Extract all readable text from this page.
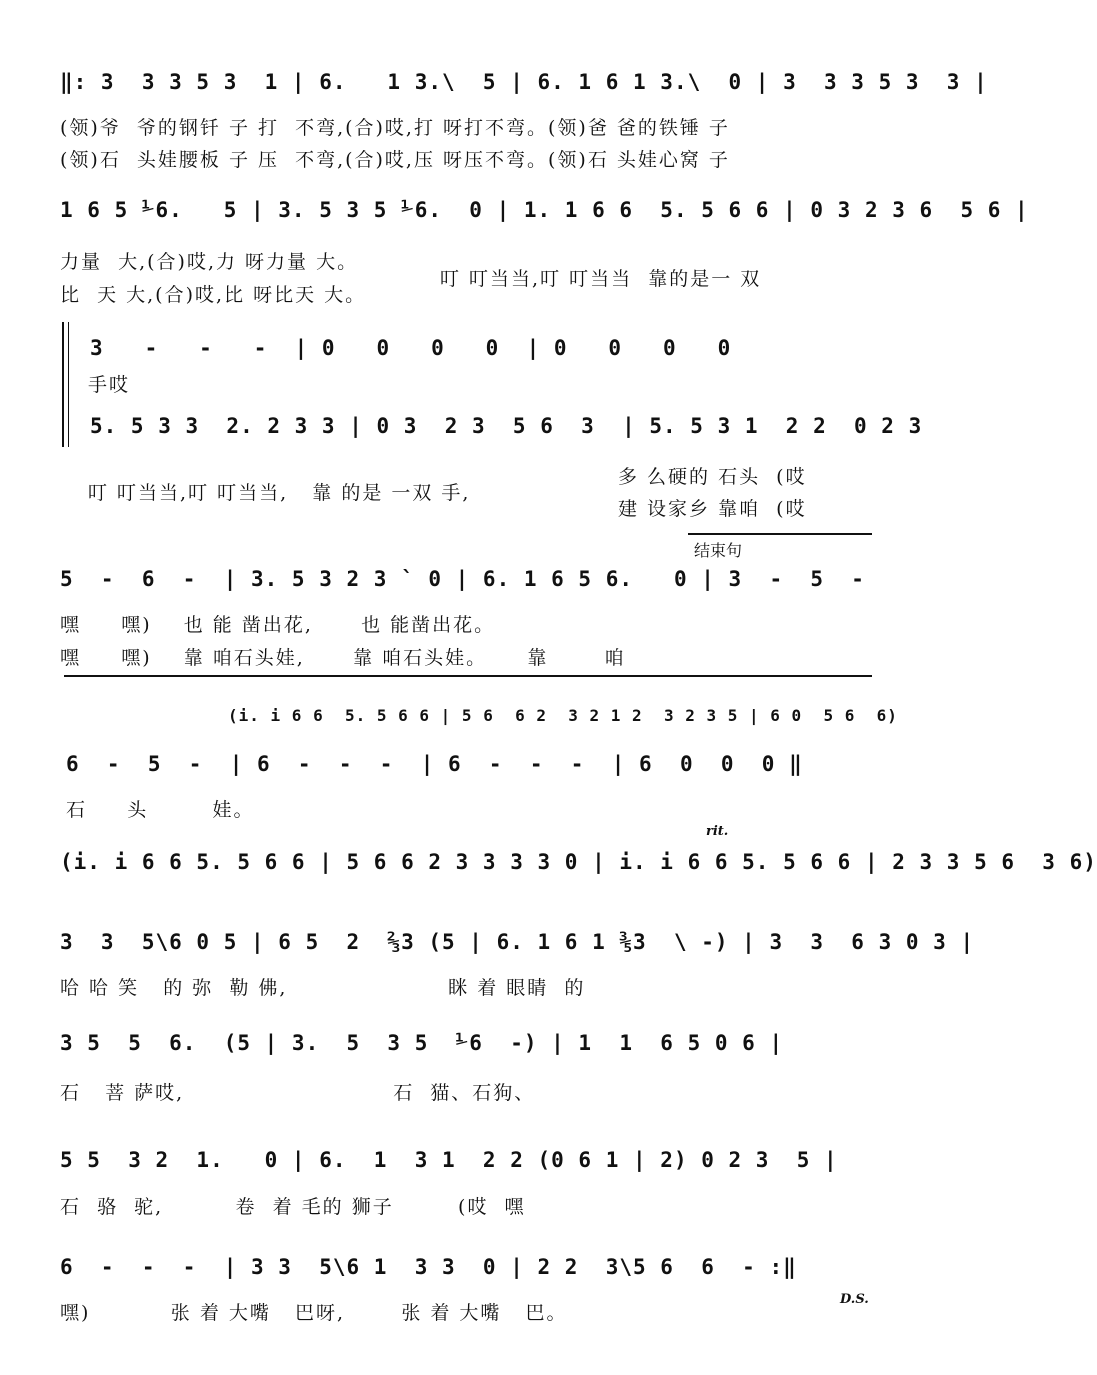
‖: 3  3 3 5 3  1 | 6.   1 3.\  5 | 6. 1 6 1 3.\  0 | 3  3 3 5 3  3 |
(领)爷  爷的钢钎 子 打  不弯,(合)哎,打 呀打不弯。(领)爸 爸的铁锤 子
(领)石  头娃腰板 子 压  不弯,(合)哎,压 呀压不弯。(领)石 头娃心窝 子
1 6 5 ⅟6.   5 | 3. 5 3 5 ⅟6.  0 | 1. 1 6 6  5. 5 6 6 | 0 3 2 3 6  5 6 |
力量  大,(合)哎,力 呀力量 大。
比  天 大,(合)哎,比 呀比天 大。
叮 叮当当,叮 叮当当  靠的是一 双
3   -   -   -  | 0   0   0   0  | 0   0   0   0
手哎
5. 5 3 3  2. 2 3 3 | 0 3  2 3  5 6  3  | 5. 5 3 1  2 2  0 2 3
叮 叮当当,叮 叮当当,   靠 的是 一双 手,
多 么硬的 石头  (哎
建 设家乡 靠咱  (哎
结束句
5  -  6  -  | 3. 5 3 2 3 ` 0 | 6. 1 6 5 6.   0 | 3  -  5  -
嘿     嘿)    也 能 凿出花,      也 能凿出花。
嘿     嘿)    靠 咱石头娃,      靠 咱石头娃。     靠       咱
(i. i 6 6  5. 5 6 6 | 5 6  6 2  3 2 1 2  3 2 3 5 | 6 0  5 6  6)
6  -  5  -  | 6  -  -  -  | 6  -  -  -  | 6  0  0  0 ‖
石     头        娃。
rit.
(i. i 6 6 5. 5 6 6 | 5 6 6 2 3 3 3 3 0 | i. i 6 6 5. 5 6 6 | 2 3 3 5 6  3 6)
3  3  5\6 0 5 | 6 5  2  ⅔3 (5 | 6. 1 6 1 ⅗3  \ -) | 3  3  6 3 0 3 |
哈 哈 笑   的 弥  勒 佛,                    眯 着 眼睛  的
3 5  5  6.  (5 | 3.  5  3 5  ⅟6  -) | 1  1  6 5 0 6 |
石   菩 萨哎,                          石  猫、石狗、
5 5  3 2  1.   0 | 6.  1  3 1  2 2 (0 6 1 | 2) 0 2 3  5 |
石  骆  驼,         卷  着 毛的 狮子        (哎  嘿
6  -  -  -  | 3 3  5\6 1  3 3  0 | 2 2  3\5 6  6  - :‖
嘿)          张 着 大嘴   巴呀,       张 着 大嘴   巴。
D.S.
